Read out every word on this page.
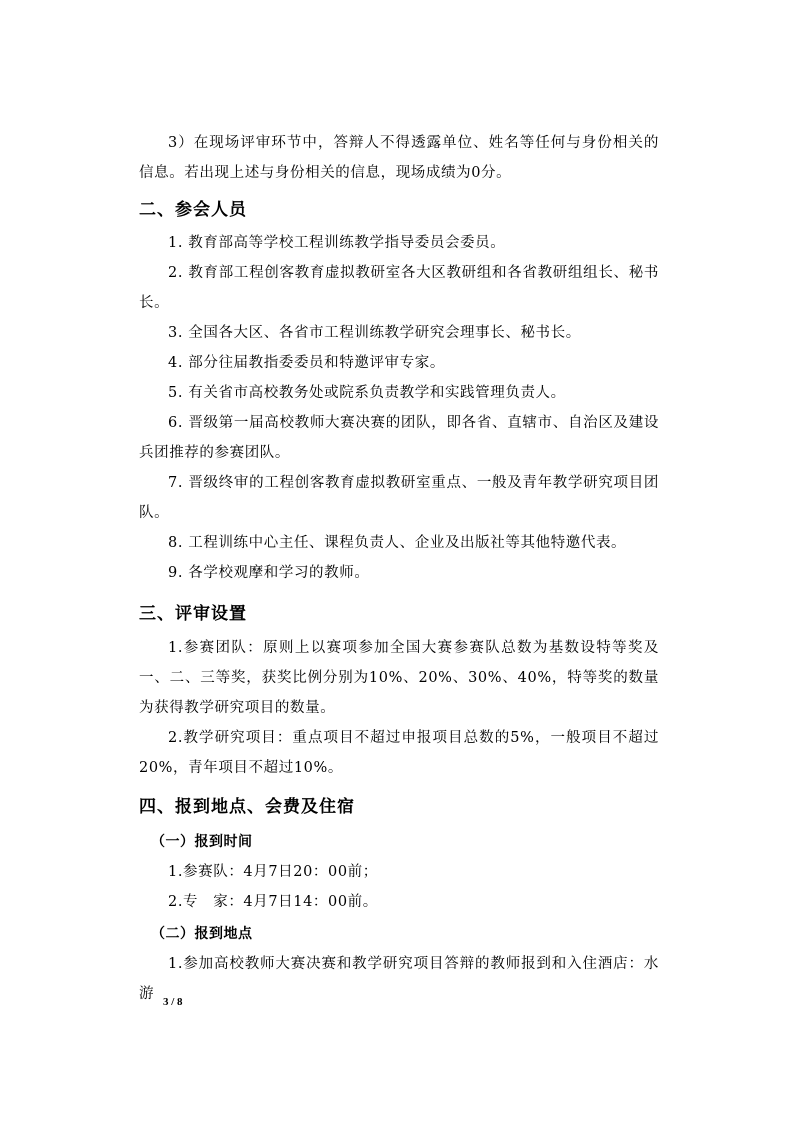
3）在现场评审环节中，答辩人不得透露单位、姓名等任何与身份相关的信息。若出现上述与身份相关的信息，现场成绩为0分。

二、参会人员

1. 教育部高等学校工程训练教学指导委员会委员。

2. 教育部工程创客教育虚拟教研室各大区教研组和各省教研组组长、秘书长。

3. 全国各大区、各省市工程训练教学研究会理事长、秘书长。

4. 部分往届教指委委员和特邀评审专家。

5. 有关省市高校教务处或院系负责教学和实践管理负责人。

6. 晋级第一届高校教师大赛决赛的团队，即各省、直辖市、自治区及建设兵团推荐的参赛团队。

7. 晋级终审的工程创客教育虚拟教研室重点、一般及青年教学研究项目团队。

8. 工程训练中心主任、课程负责人、企业及出版社等其他特邀代表。

9. 各学校观摩和学习的教师。

三、评审设置

1.参赛团队：原则上以赛项参加全国大赛参赛队总数为基数设特等奖及一、二、三等奖，获奖比例分别为10%、20%、30%、40%，特等奖的数量为获得教学研究项目的数量。

2.教学研究项目：重点项目不超过申报项目总数的5%，一般项目不超过20%，青年项目不超过10%。

四、报到地点、会费及住宿

（一）报到时间

1.参赛队：4月7日20：00前；

2.专　家：4月7日14：00前。

（二）报到地点

1.参加高校教师大赛决赛和教学研究项目答辩的教师报到和入住酒店：水游 3 / 8
